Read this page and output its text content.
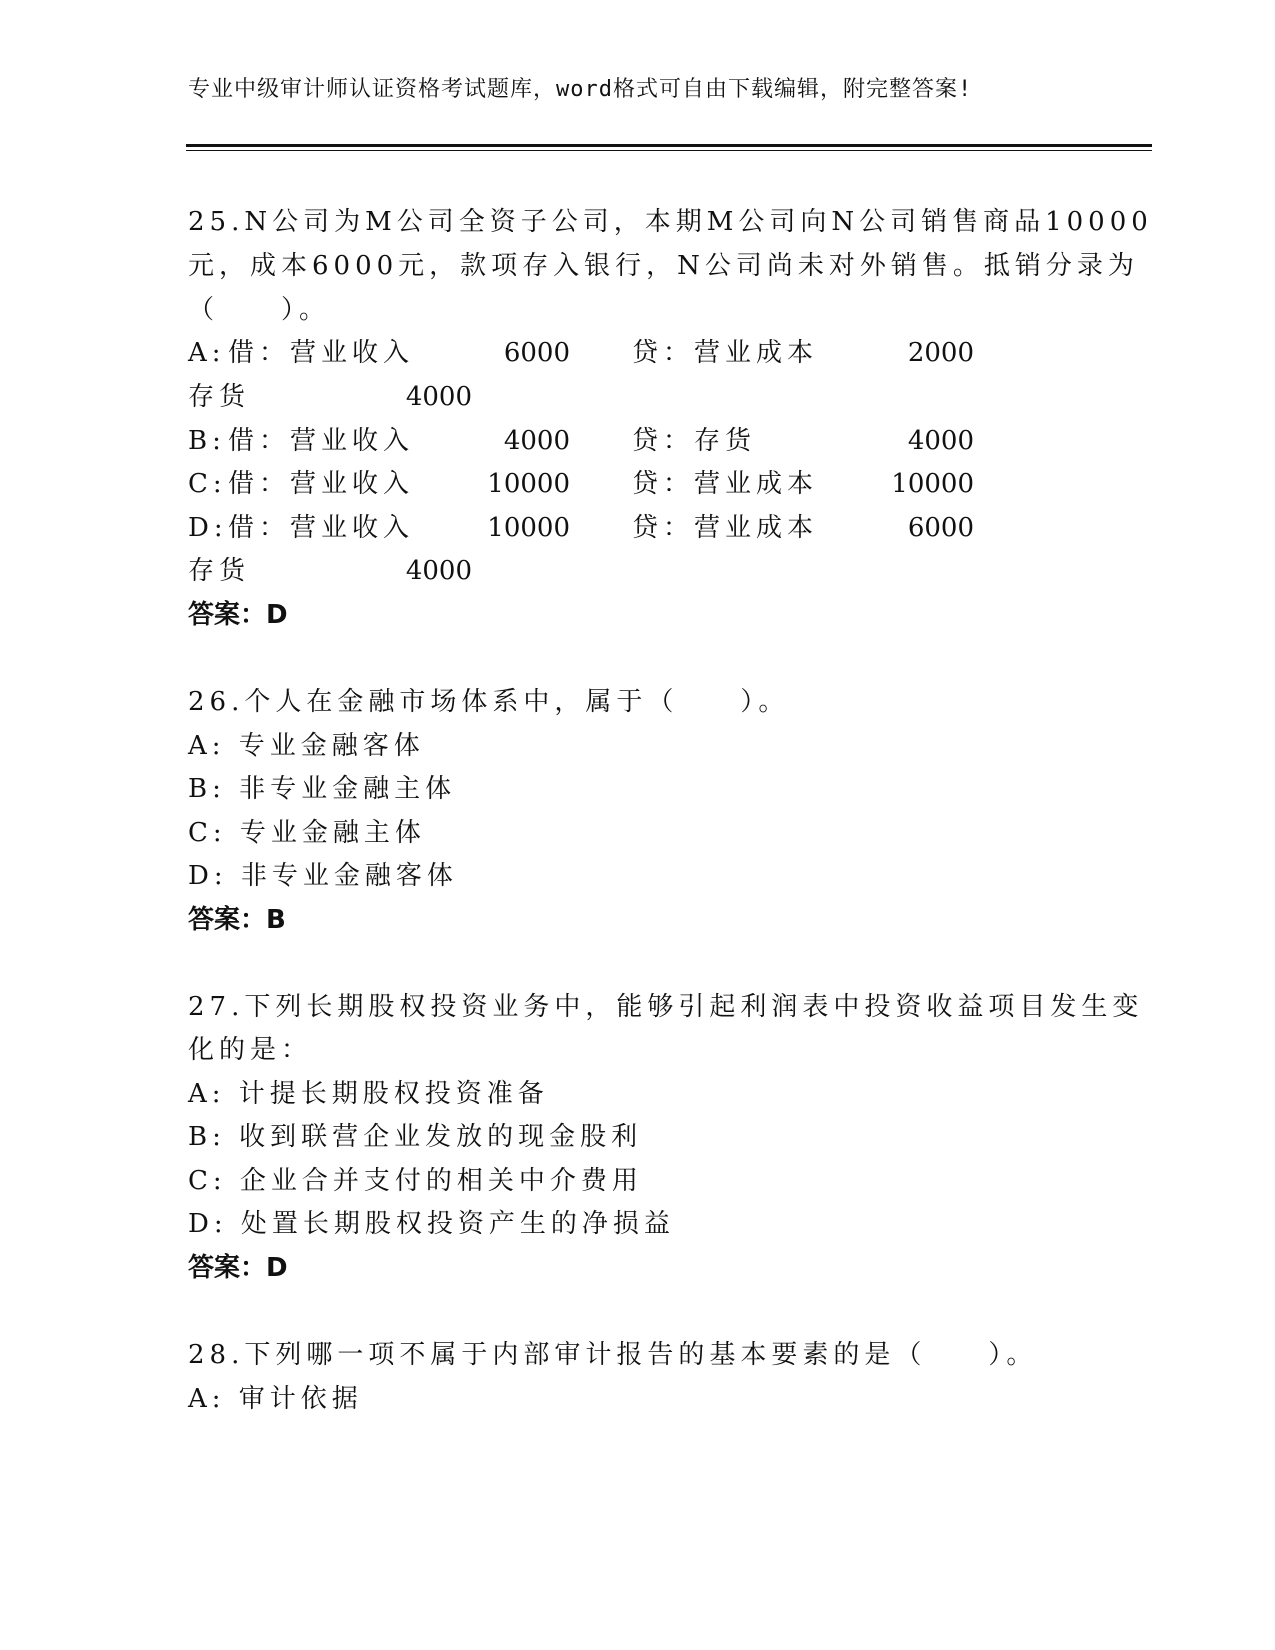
专业中级审计师认证资格考试题库，word格式可自由下载编辑，附完整答案!
25.N公司为M公司全资子公司，本期M公司向N公司销售商品10000
元，成本6000元，款项存入银行，N公司尚未对外销售。抵销分录为
（　　）。
A: 借：营业收入	6000 贷：营业成本	2000
存货	4000
B: 借：营业收入	4000 贷：存货	4000
C: 借：营业收入	10000 贷：营业成本	10000
D: 借：营业收入	10000 贷：营业成本	6000
存货	4000
答案：D
26.个人在金融市场体系中，属于（　　）。
A: 专业金融客体
B: 非专业金融主体
C: 专业金融主体
D: 非专业金融客体
答案：B
27.下列长期股权投资业务中，能够引起利润表中投资收益项目发生变
化的是：
A: 计提长期股权投资准备
B: 收到联营企业发放的现金股利
C: 企业合并支付的相关中介费用
D: 处置长期股权投资产生的净损益
答案：D
28.下列哪一项不属于内部审计报告的基本要素的是（　　）。
A: 审计依据
